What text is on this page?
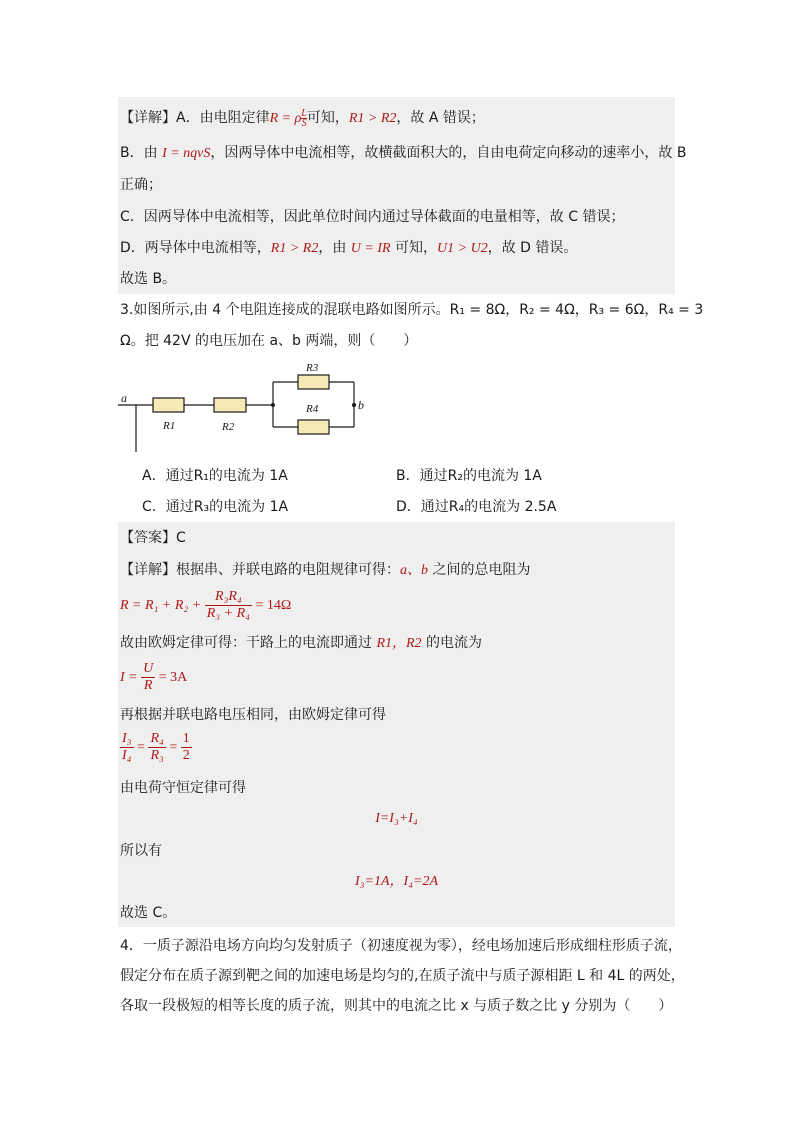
【详解】A．由电阻定律R = ρ $\frac{L}{S}$ 可知，R1 > R2，故 A 错误；
B．由 I = nqvS，因两导体中电流相等，故横截面积大的，自由电荷定向移动的速率小，故 B
正确；
C．因两导体中电流相等，因此单位时间内通过导体截面的电量相等，故 C 错误；
D．两导体中电流相等，R1 > R2，由 U = IR 可知，U1 > U2，故 D 错误。
故选 B。
3.如图所示,由 4 个电阻连接成的混联电路如图所示。R₁ = 8Ω，R₂ = 4Ω，R₃ = 6Ω，R₄ = 3
Ω。把 42V 的电压加在 a、b 两端，则（　　）
a	b
R1	R2
R3
R4
A．通过R₁的电流为 1A	B．通过R₂的电流为 1A
C．通过R₃的电流为 1A	D．通过R₄的电流为 2.5A
【答案】C
【详解】根据串、并联电路的电阻规律可得：a、b 之间的总电阻为
$R = R_1 + R_2 + \frac{\text{R₃R₄}}{\text{R₃ + R₄}} = 14\Omega$
故由欧姆定律可得：干路上的电流即通过 R1，R2 的电流为
$I = \frac{U}{R} = 3A$
再根据并联电路电压相同，由欧姆定律可得
$\frac{\text{I₃}}{\text{I₄}} = \frac{\text{R₄}}{\text{R₃}} = \frac{1}{2}$
由电荷守恒定律可得
I=I₃+I₄
所以有
I₃=1A，I₄=2A
故选 C。
4．一质子源沿电场方向均匀发射质子（初速度视为零），经电场加速后形成细柱形质子流，
假定分布在质子源到靶之间的加速电场是均匀的,在质子流中与质子源相距 L 和 4L 的两处，
各取一段极短的相等长度的质子流，则其中的电流之比 x 与质子数之比 y 分别为（　　）
